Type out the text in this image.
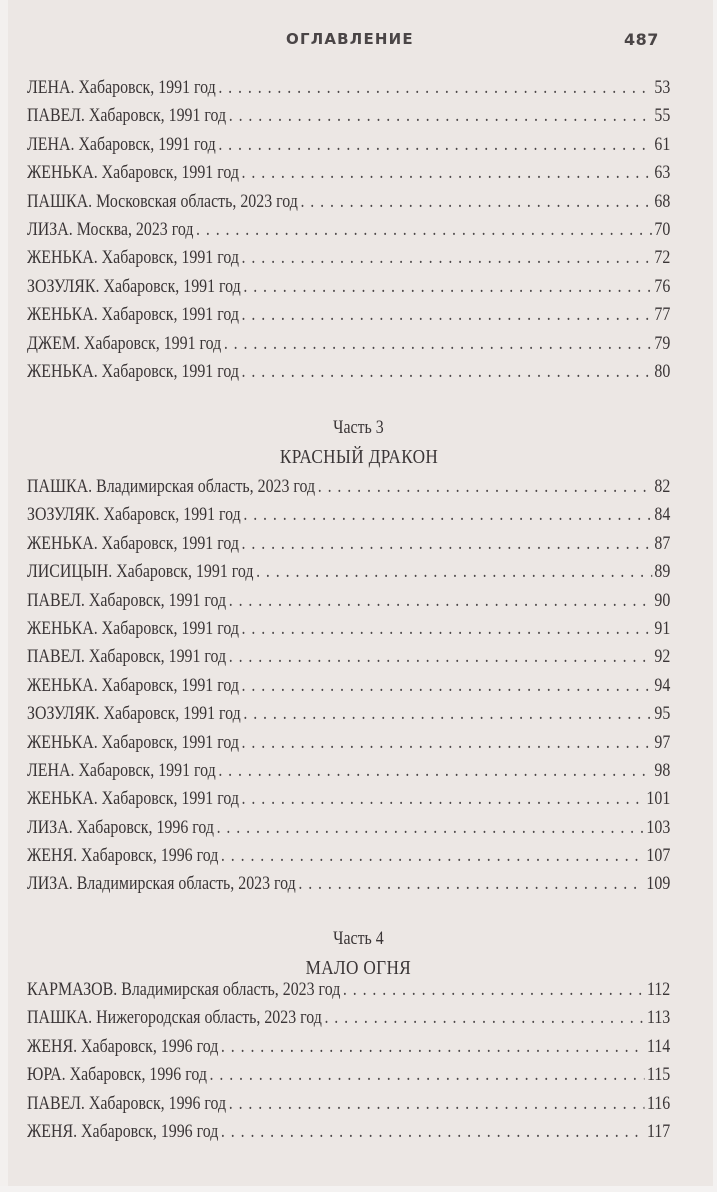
ОГЛАВЛЕНИЕ	487
ЛЕНА. Хабаровск, 1991 год . . .	53
ПАВЕЛ. Хабаровск, 1991 год . . .	55
ЛЕНА. Хабаровск, 1991 год . . .	61
ЖЕНЬКА. Хабаровск, 1991 год . . .	63
ПАШКА. Московская область, 2023 год . . .	68
ЛИЗА. Москва, 2023 год . . .	70
ЖЕНЬКА. Хабаровск, 1991 год . . .	72
ЗОЗУЛЯК. Хабаровск, 1991 год . . .	76
ЖЕНЬКА. Хабаровск, 1991 год . . .	77
ДЖЕМ. Хабаровск, 1991 год . . .	79
ЖЕНЬКА. Хабаровск, 1991 год . . .	80
Часть 3
КРАСНЫЙ ДРАКОН
ПАШКА. Владимирская область, 2023 год . . .	82
ЗОЗУЛЯК. Хабаровск, 1991 год . . .	84
ЖЕНЬКА. Хабаровск, 1991 год . . .	87
ЛИСИЦЫН. Хабаровск, 1991 год . . .	89
ПАВЕЛ. Хабаровск, 1991 год . . .	90
ЖЕНЬКА. Хабаровск, 1991 год . . .	91
ПАВЕЛ. Хабаровск, 1991 год . . .	92
ЖЕНЬКА. Хабаровск, 1991 год . . .	94
ЗОЗУЛЯК. Хабаровск, 1991 год . . .	95
ЖЕНЬКА. Хабаровск, 1991 год . . .	97
ЛЕНА. Хабаровск, 1991 год . . .	98
ЖЕНЬКА. Хабаровск, 1991 год . . .	101
ЛИЗА. Хабаровск, 1996 год . . .	103
ЖЕНЯ. Хабаровск, 1996 год . . .	107
ЛИЗА. Владимирская область, 2023 год . . .	109
Часть 4
МАЛО ОГНЯ
КАРМАЗОВ. Владимирская область, 2023 год . . .	112
ПАШКА. Нижегородская область, 2023 год . . .	113
ЖЕНЯ. Хабаровск, 1996 год . . .	114
ЮРА. Хабаровск, 1996 год . . .	115
ПАВЕЛ. Хабаровск, 1996 год . . .	116
ЖЕНЯ. Хабаровск, 1996 год . . .	117
